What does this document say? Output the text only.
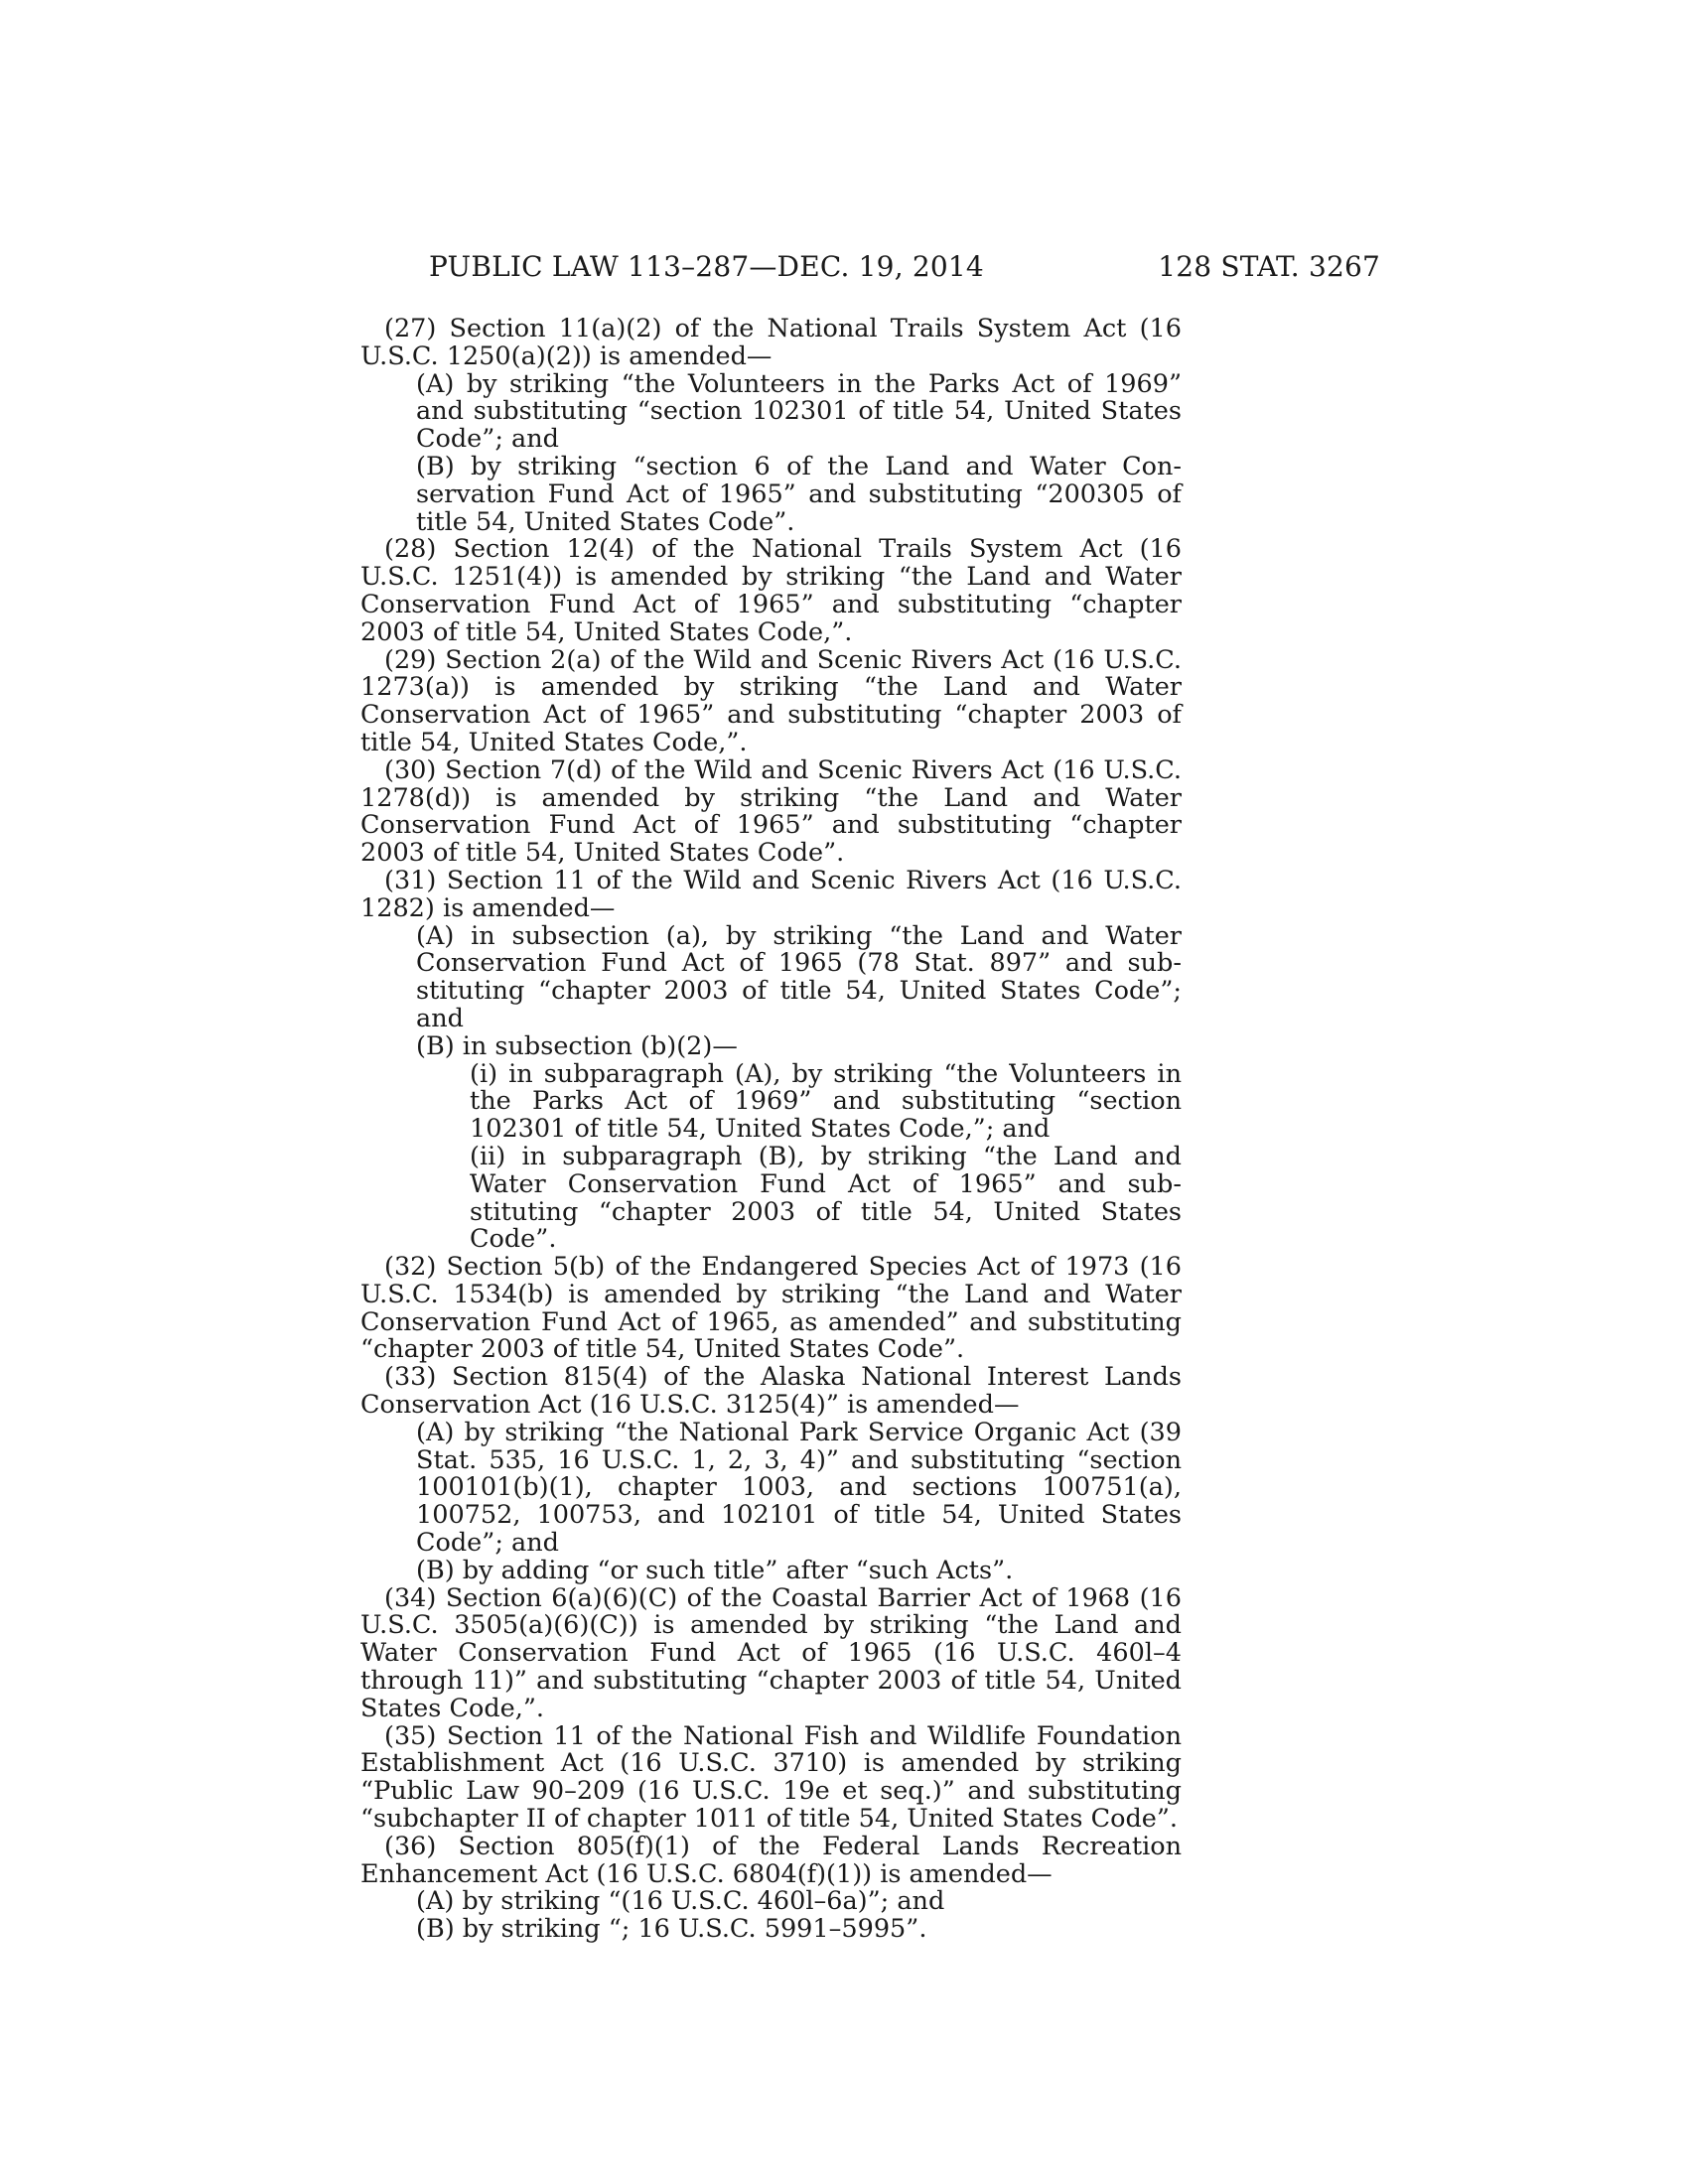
PUBLIC LAW 113–287—DEC. 19, 2014	128 STAT. 3267

(27) Section 11(a)(2) of the National Trails System Act (16 U.S.C. 1250(a)(2)) is amended—

(A) by striking “the Volunteers in the Parks Act of 1969” and substituting “section 102301 of title 54, United States Code”; and

(B) by striking “section 6 of the Land and Water Conservation Fund Act of 1965” and substituting “200305 of title 54, United States Code”.

(28) Section 12(4) of the National Trails System Act (16 U.S.C. 1251(4)) is amended by striking “the Land and Water Conservation Fund Act of 1965” and substituting “chapter 2003 of title 54, United States Code,”.

(29) Section 2(a) of the Wild and Scenic Rivers Act (16 U.S.C. 1273(a)) is amended by striking “the Land and Water Conservation Act of 1965” and substituting “chapter 2003 of title 54, United States Code,”.

(30) Section 7(d) of the Wild and Scenic Rivers Act (16 U.S.C. 1278(d)) is amended by striking “the Land and Water Conservation Fund Act of 1965” and substituting “chapter 2003 of title 54, United States Code”.

(31) Section 11 of the Wild and Scenic Rivers Act (16 U.S.C. 1282) is amended—

(A) in subsection (a), by striking “the Land and Water Conservation Fund Act of 1965 (78 Stat. 897” and substituting “chapter 2003 of title 54, United States Code”; and

(B) in subsection (b)(2)—

(i) in subparagraph (A), by striking “the Volunteers in the Parks Act of 1969” and substituting “section 102301 of title 54, United States Code,”; and

(ii) in subparagraph (B), by striking “the Land and Water Conservation Fund Act of 1965” and substituting “chapter 2003 of title 54, United States Code”.

(32) Section 5(b) of the Endangered Species Act of 1973 (16 U.S.C. 1534(b) is amended by striking “the Land and Water Conservation Fund Act of 1965, as amended” and substituting “chapter 2003 of title 54, United States Code”.

(33) Section 815(4) of the Alaska National Interest Lands Conservation Act (16 U.S.C. 3125(4)” is amended—

(A) by striking “the National Park Service Organic Act (39 Stat. 535, 16 U.S.C. 1, 2, 3, 4)” and substituting “section 100101(b)(1), chapter 1003, and sections 100751(a), 100752, 100753, and 102101 of title 54, United States Code”; and

(B) by adding “or such title” after “such Acts”.

(34) Section 6(a)(6)(C) of the Coastal Barrier Act of 1968 (16 U.S.C. 3505(a)(6)(C)) is amended by striking “the Land and Water Conservation Fund Act of 1965 (16 U.S.C. 460l–4 through 11)” and substituting “chapter 2003 of title 54, United States Code,”.

(35) Section 11 of the National Fish and Wildlife Foundation Establishment Act (16 U.S.C. 3710) is amended by striking “Public Law 90–209 (16 U.S.C. 19e et seq.)” and substituting “subchapter II of chapter 1011 of title 54, United States Code”.

(36) Section 805(f)(1) of the Federal Lands Recreation Enhancement Act (16 U.S.C. 6804(f)(1)) is amended—

(A) by striking “(16 U.S.C. 460l–6a)”; and

(B) by striking “; 16 U.S.C. 5991–5995”.
